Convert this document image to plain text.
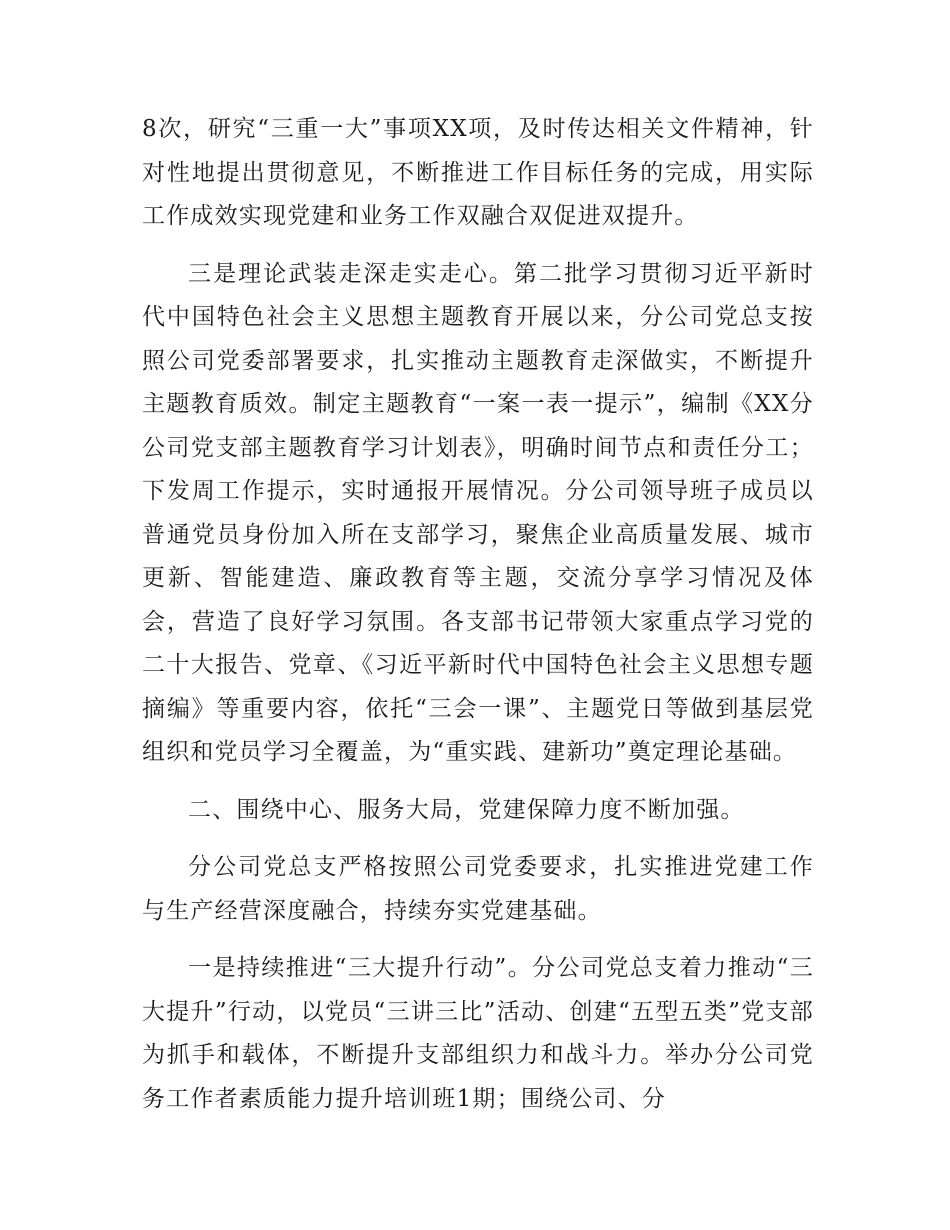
8次，研究“三重一大”事项XX项，及时传达相关文件精神，针对性地提出贯彻意见，不断推进工作目标任务的完成，用实际工作成效实现党建和业务工作双融合双促进双提升。

三是理论武装走深走实走心。第二批学习贯彻习近平新时代中国特色社会主义思想主题教育开展以来，分公司党总支按照公司党委部署要求，扎实推动主题教育走深做实，不断提升主题教育质效。制定主题教育“一案一表一提示”，编制《XX分公司党支部主题教育学习计划表》，明确时间节点和责任分工；下发周工作提示，实时通报开展情况。分公司领导班子成员以普通党员身份加入所在支部学习，聚焦企业高质量发展、城市更新、智能建造、廉政教育等主题，交流分享学习情况及体会，营造了良好学习氛围。各支部书记带领大家重点学习党的二十大报告、党章、《习近平新时代中国特色社会主义思想专题摘编》等重要内容，依托“三会一课”、主题党日等做到基层党组织和党员学习全覆盖，为“重实践、建新功”奠定理论基础。

二、围绕中心、服务大局，党建保障力度不断加强。

分公司党总支严格按照公司党委要求，扎实推进党建工作与生产经营深度融合，持续夯实党建基础。

一是持续推进“三大提升行动”。分公司党总支着力推动“三大提升”行动，以党员“三讲三比”活动、创建“五型五类”党支部为抓手和载体，不断提升支部组织力和战斗力。举办分公司党务工作者素质能力提升培训班1期；围绕公司、分
